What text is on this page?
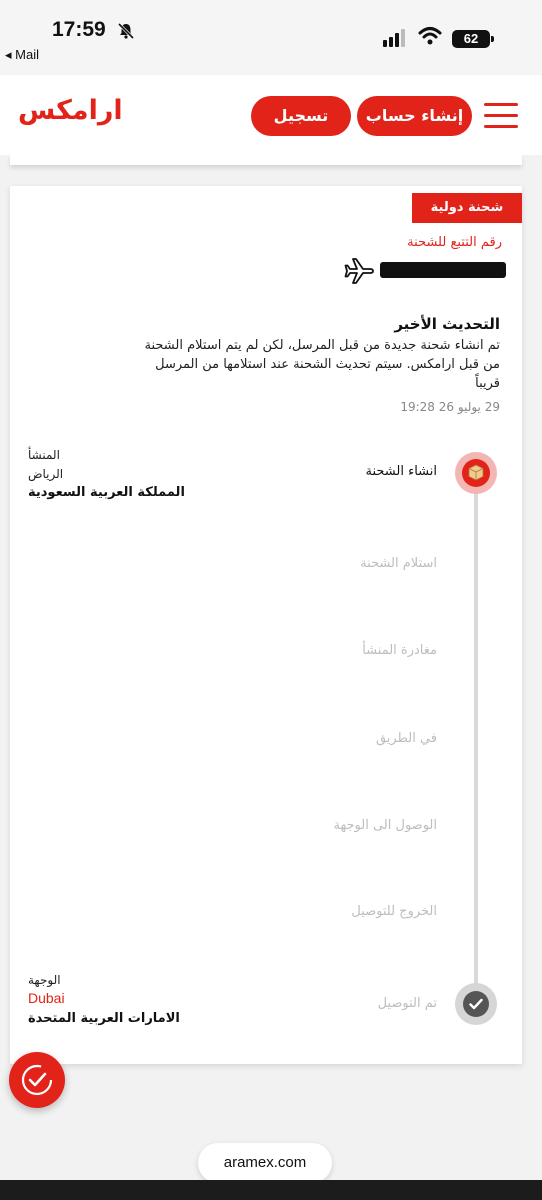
17:59
◂ Mail
62
ارامكس	تسجيل	إنشاء حساب
شحنة دولية
رقم التتبع للشحنة
التحديث الأخير
تم انشاء شحنة جديدة من قبل المرسل، لكن لم يتم استلام الشحنة من قبل ارامكس. سيتم تحديث الشحنة عند استلامها من المرسل قريباً
29 يوليو 26 19:28
انشاء الشحنة
استلام الشحنة
مغادرة المنشأ
في الطريق
الوصول الى الوجهة
الخروج للتوصيل
تم التوصيل
المنشأ
الرياض
المملكة العربية السعودية
الوجهة
Dubai
الامارات العربية المتحدة
aramex.com
